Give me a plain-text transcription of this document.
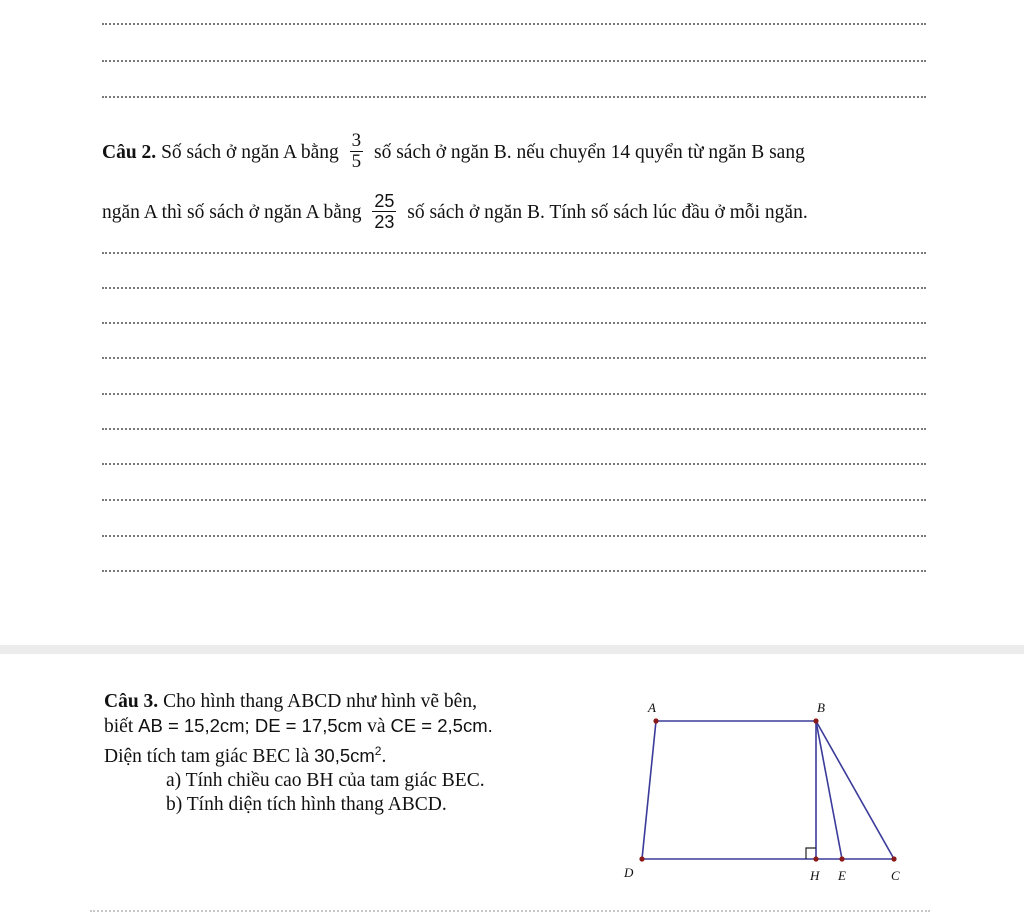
Câu 2. Số sách ở ngăn A bằng $\frac{3}{5}$ số sách ở ngăn B. nếu chuyển 14 quyển từ ngăn B sang
ngăn A thì số sách ở ngăn A bằng $\frac{25}{23}$ số sách ở ngăn B. Tính số sách lúc đầu ở mỗi ngăn.
Câu 3. Cho hình thang ABCD như hình vẽ bên,
biết AB = 15,2cm; DE = 17,5cm và CE = 2,5cm.
Diện tích tam giác BEC là $30,5cm^2$.
a) Tính chiều cao BH của tam giác BEC.
b) Tính diện tích hình thang ABCD.
A	B
D	H E	C
